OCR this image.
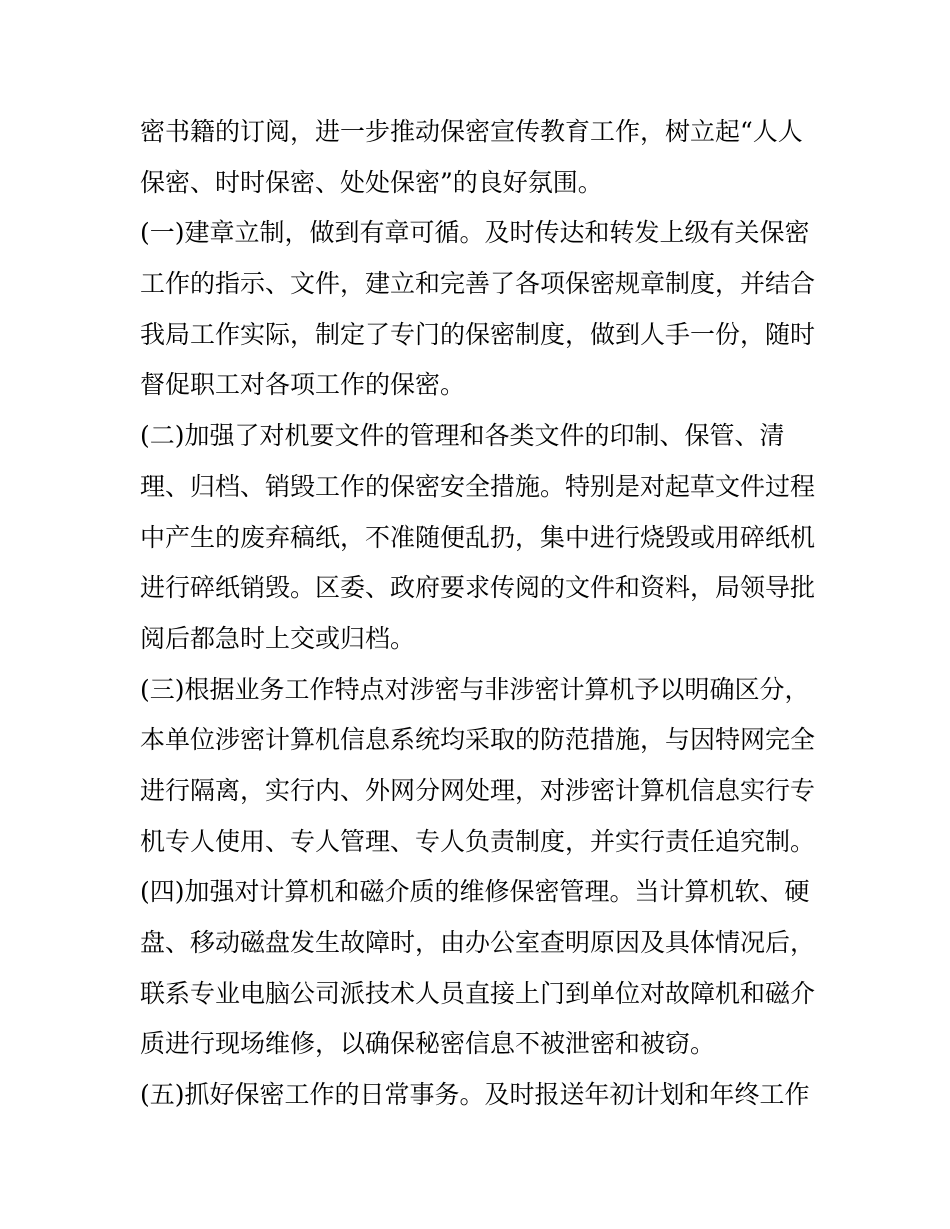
密书籍的订阅，进一步推动保密宣传教育工作，树立起“人人
保密、时时保密、处处保密”的良好氛围。
(一)建章立制，做到有章可循。及时传达和转发上级有关保密
工作的指示、文件，建立和完善了各项保密规章制度，并结合
我局工作实际，制定了专门的保密制度，做到人手一份，随时
督促职工对各项工作的保密。
(二)加强了对机要文件的管理和各类文件的印制、保管、清
理、归档、销毁工作的保密安全措施。特别是对起草文件过程
中产生的废弃稿纸，不准随便乱扔，集中进行烧毁或用碎纸机
进行碎纸销毁。区委、政府要求传阅的文件和资料，局领导批
阅后都急时上交或归档。
(三)根据业务工作特点对涉密与非涉密计算机予以明确区分，
本单位涉密计算机信息系统均采取的防范措施，与因特网完全
进行隔离，实行内、外网分网处理，对涉密计算机信息实行专
机专人使用、专人管理、专人负责制度，并实行责任追究制。
(四)加强对计算机和磁介质的维修保密管理。当计算机软、硬
盘、移动磁盘发生故障时，由办公室查明原因及具体情况后，
联系专业电脑公司派技术人员直接上门到单位对故障机和磁介
质进行现场维修，以确保秘密信息不被泄密和被窃。
(五)抓好保密工作的日常事务。及时报送年初计划和年终工作
